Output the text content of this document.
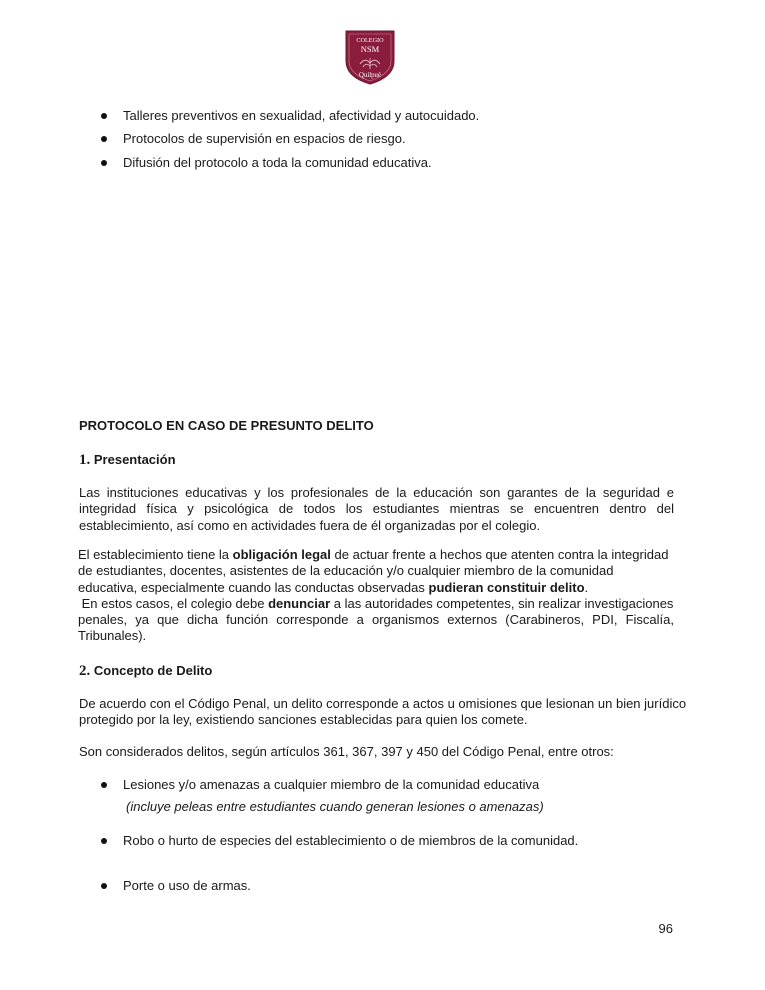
COLEGIO
NSM
Quilpué
Talleres preventivos en sexualidad, afectividad y autocuidado.
Protocolos de supervisión en espacios de riesgo.
Difusión del protocolo a toda la comunidad educativa.
PROTOCOLO EN CASO DE PRESUNTO DELITO
1. Presentación
Las instituciones educativas y los profesionales de la educación son garantes de la seguridad e
integridad física y psicológica de todos los estudiantes mientras se encuentren dentro del
establecimiento, así como en actividades fuera de él organizadas por el colegio.
El establecimiento tiene la obligación legal de actuar frente a hechos que atenten contra la integridad
de estudiantes, docentes, asistentes de la educación y/o cualquier miembro de la comunidad
educativa, especialmente cuando las conductas observadas pudieran constituir delito.
En estos casos, el colegio debe denunciar a las autoridades competentes, sin realizar investigaciones
penales, ya que dicha función corresponde a organismos externos (Carabineros, PDI, Fiscalía,
Tribunales).
2. Concepto de Delito
De acuerdo con el Código Penal, un delito corresponde a actos u omisiones que lesionan un bien jurídico
protegido por la ley, existiendo sanciones establecidas para quien los comete.
Son considerados delitos, según artículos 361, 367, 397 y 450 del Código Penal, entre otros:
Lesiones y/o amenazas a cualquier miembro de la comunidad educativa
(incluye peleas entre estudiantes cuando generan lesiones o amenazas)
Robo o hurto de especies del establecimiento o de miembros de la comunidad.
Porte o uso de armas.
96
